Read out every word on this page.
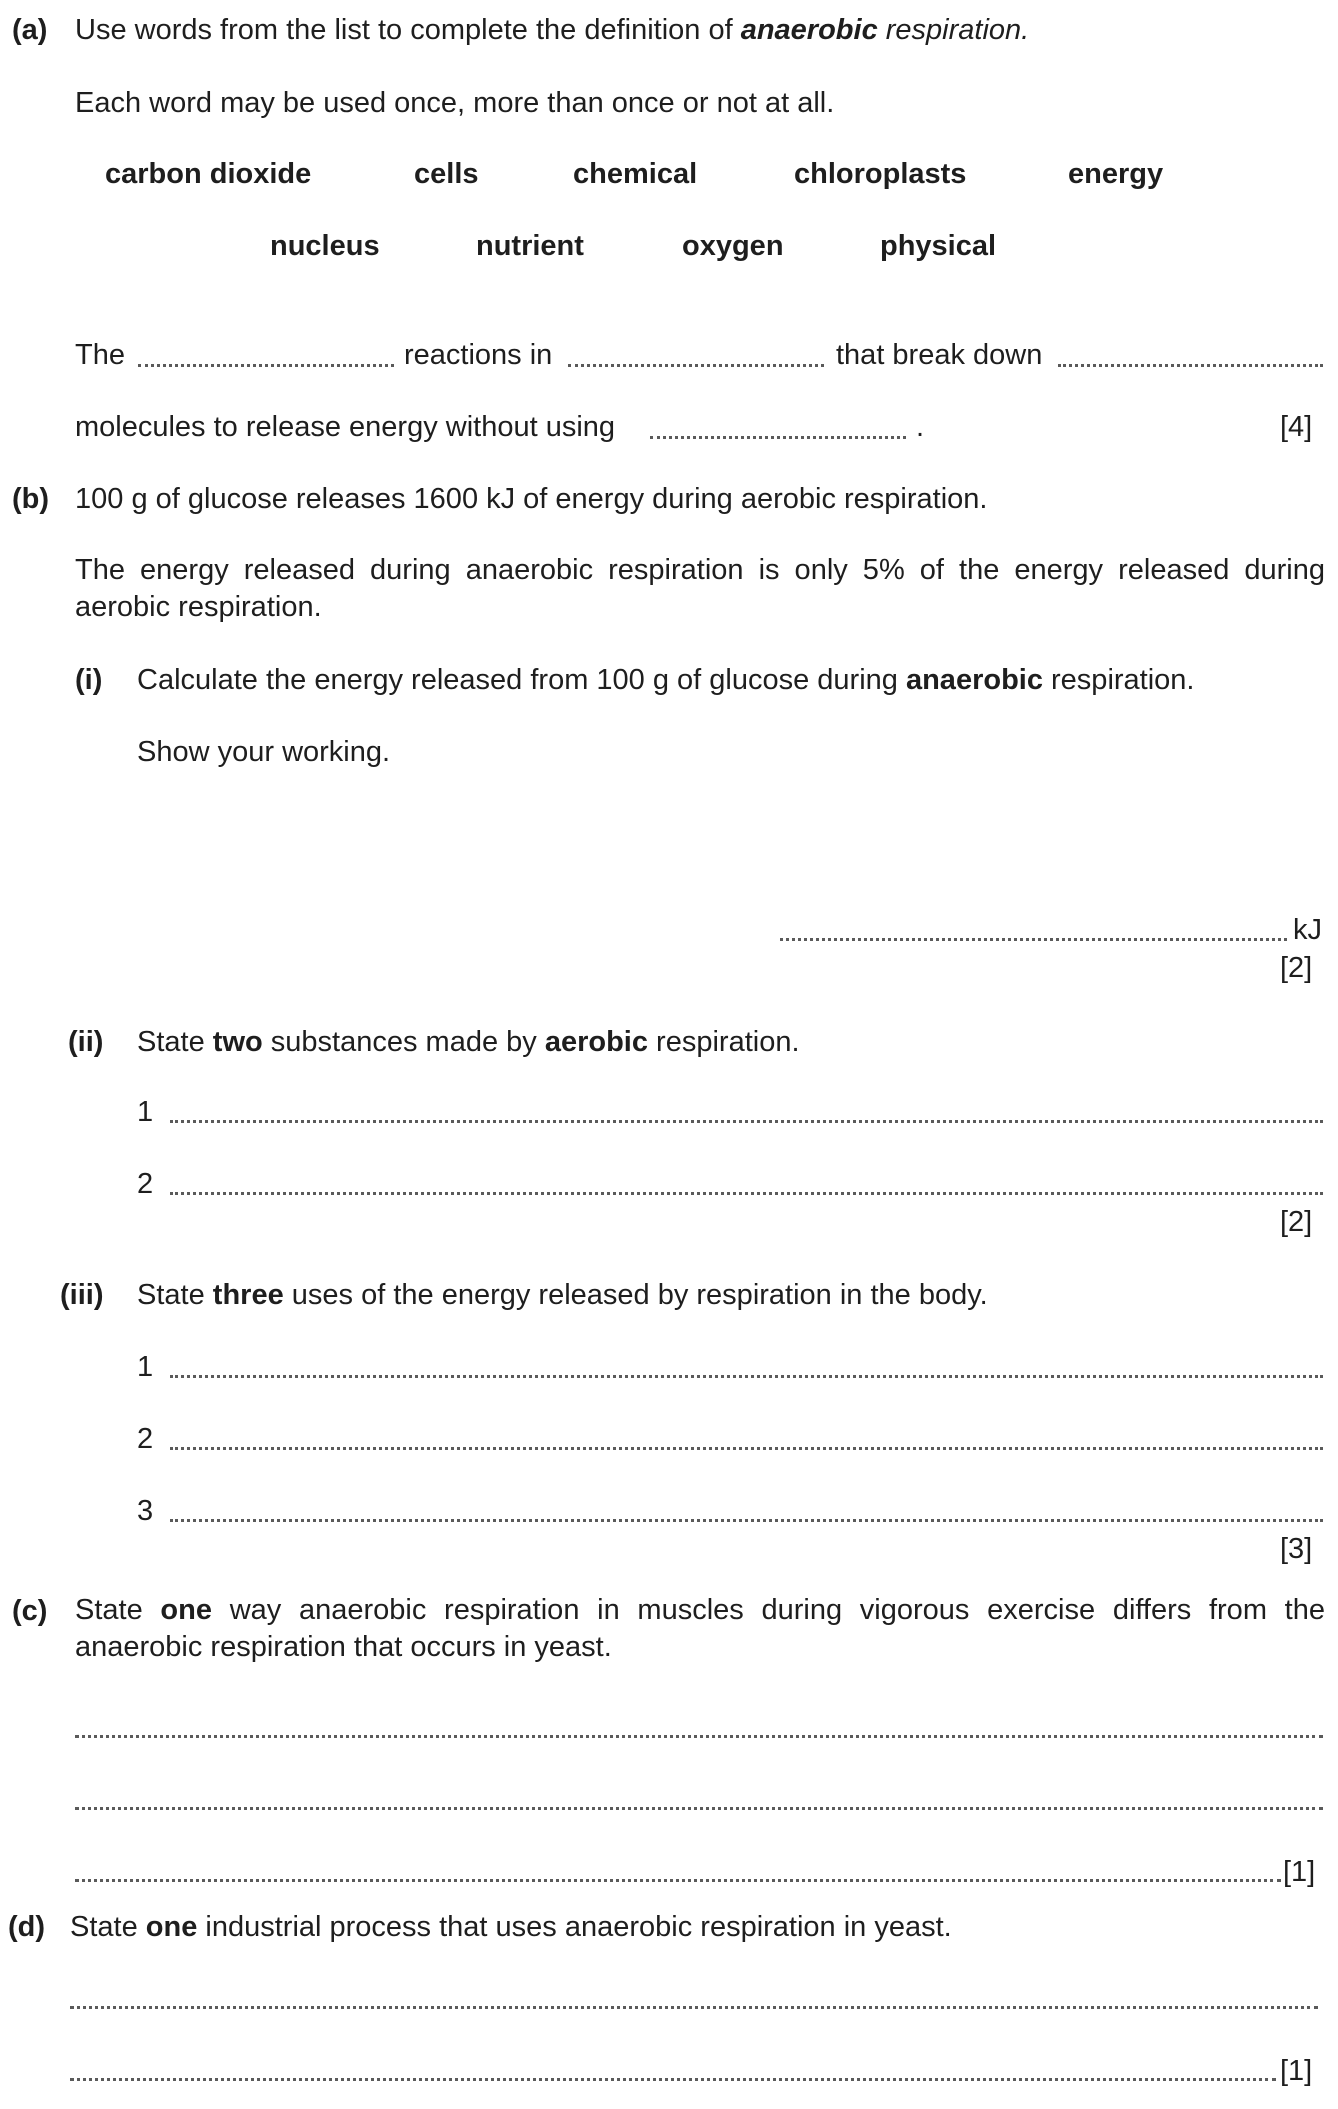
(a) Use words from the list to complete the definition of anaerobic respiration.
Each word may be used once, more than once or not at all.
carbon dioxide	cells	chemical	chloroplasts	energy
nucleus	nutrient	oxygen	physical
The	reactions in	that break down
molecules to release energy without using	.	[4]
(b) 100 g of glucose releases 1600 kJ of energy during aerobic respiration.
The energy released during anaerobic respiration is only 5% of the energy released during aerobic respiration.
(i) Calculate the energy released from 100 g of glucose during anaerobic respiration.
Show your working.
kJ
[2]
(ii) State two substances made by aerobic respiration.
1
2
[2]
(iii) State three uses of the energy released by respiration in the body.
1
2
3
[3]
(c) State one way anaerobic respiration in muscles during vigorous exercise differs from the anaerobic respiration that occurs in yeast.
[1]
(d) State one industrial process that uses anaerobic respiration in yeast.
[1]
